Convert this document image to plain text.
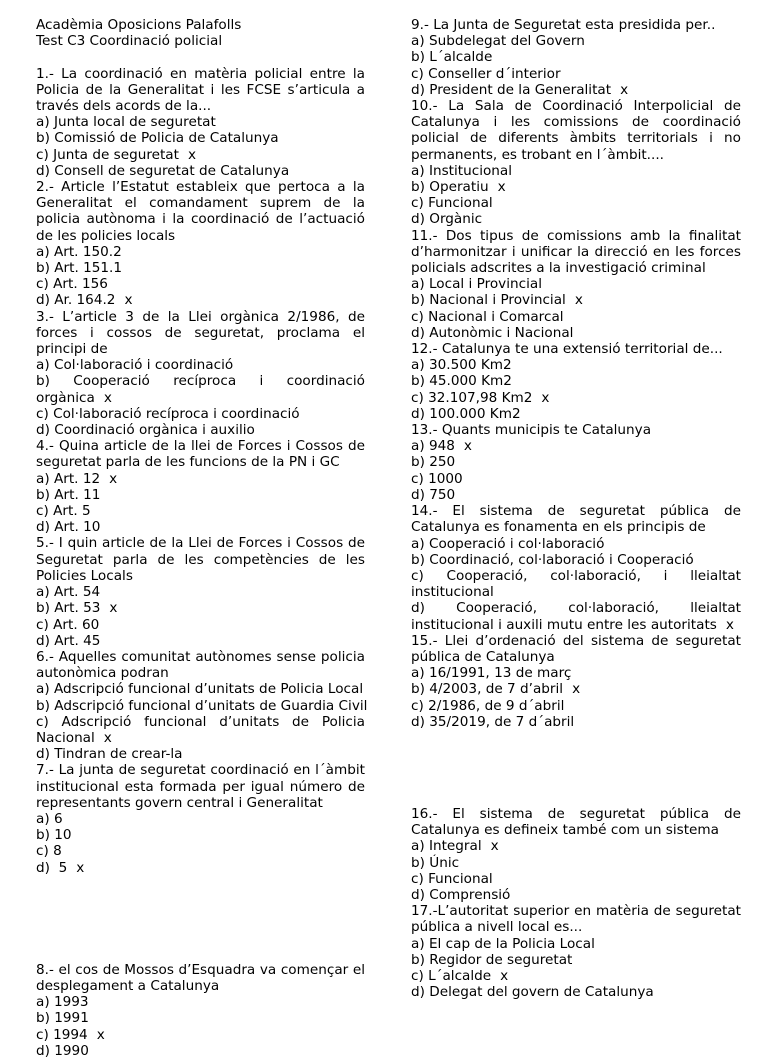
Acadèmia Oposicions Palafolls
Test C3 Coordinació policial
1.- La coordinació en matèria policial entre la Policia de la Generalitat i les FCSE s’articula a través dels acords de la...
a) Junta local de seguretat
b) Comissió de Policia de Catalunya
c) Junta de seguretat x
d) Consell de seguretat de Catalunya
2.- Article l’Estatut estableix que pertoca a la Generalitat el comandament suprem de la policia autònoma i la coordinació de l’actuació de les policies locals
a) Art. 150.2
b) Art. 151.1
c) Art. 156
d) Ar. 164.2 x
3.- L’article 3 de la Llei orgànica 2/1986, de forces i cossos de seguretat, proclama el principi de
a) Col·laboració i coordinació
b) Cooperació recíproca i coordinació orgànica x
c) Col·laboració recíproca i coordinació
d) Coordinació orgànica i auxilio
4.- Quina article de la llei de Forces i Cossos de seguretat parla de les funcions de la PN i GC
a) Art. 12 x
b) Art. 11
c) Art. 5
d) Art. 10
5.- I quin article de la Llei de Forces i Cossos de Seguretat parla de les competències de les Policies Locals
a) Art. 54
b) Art. 53 x
c) Art. 60
d) Art. 45
6.- Aquelles comunitat autònomes sense policia autonòmica podran
a) Adscripció funcional d’unitats de Policia Local
b) Adscripció funcional d’unitats de Guardia Civil
c) Adscripció funcional d’unitats de Policia Nacional x
d) Tindran de crear-la
7.- La junta de seguretat coordinació en l´àmbit institucional esta formada per igual número de representants govern central i Generalitat
a) 6
b) 10
c) 8
d)  5 x
8.- el cos de Mossos d’Esquadra va començar el desplegament a Catalunya
a) 1993
b) 1991
c) 1994 x
d) 1990
9.- La Junta de Seguretat esta presidida per..
a) Subdelegat del Govern
b) L´alcalde
c) Conseller d´interior
d) President de la Generalitat x
10.- La Sala de Coordinació Interpolicial de Catalunya i les comissions de coordinació policial de diferents àmbits territorials i no permanents, es trobant en l´àmbit....
a) Institucional
b) Operatiu x
c) Funcional
d) Orgànic
11.- Dos tipus de comissions amb la finalitat d’harmonitzar i unificar la direcció en les forces policials adscrites a la investigació criminal
a) Local i Provincial
b) Nacional i Provincial x
c) Nacional i Comarcal
d) Autonòmic i Nacional
12.- Catalunya te una extensió territorial de...
a) 30.500 Km2
b) 45.000 Km2
c) 32.107,98 Km2 x
d) 100.000 Km2
13.- Quants municipis te Catalunya
a) 948 x
b) 250
c) 1000
d) 750
14.- El sistema de seguretat pública de Catalunya es fonamenta en els principis de
a) Cooperació i col·laboració
b) Coordinació, col·laboració i Cooperació
c) Cooperació, col·laboració, i lleialtat institucional
d) Cooperació, col·laboració, lleialtat institucional i auxili mutu entre les autoritats x
15.- Llei d’ordenació del sistema de seguretat pública de Catalunya
a) 16/1991, 13 de març
b) 4/2003, de 7 d’abril x
c) 2/1986, de 9 d´abril
d) 35/2019, de 7 d´abril
16.- El sistema de seguretat pública de Catalunya es defineix també com un sistema
a) Integral x
b) Únic
c) Funcional
d) Comprensió
17.-L’autoritat superior en matèria de seguretat pública a nivell local es...
a) El cap de la Policia Local
b) Regidor de seguretat
c) L´alcalde x
d) Delegat del govern de Catalunya
